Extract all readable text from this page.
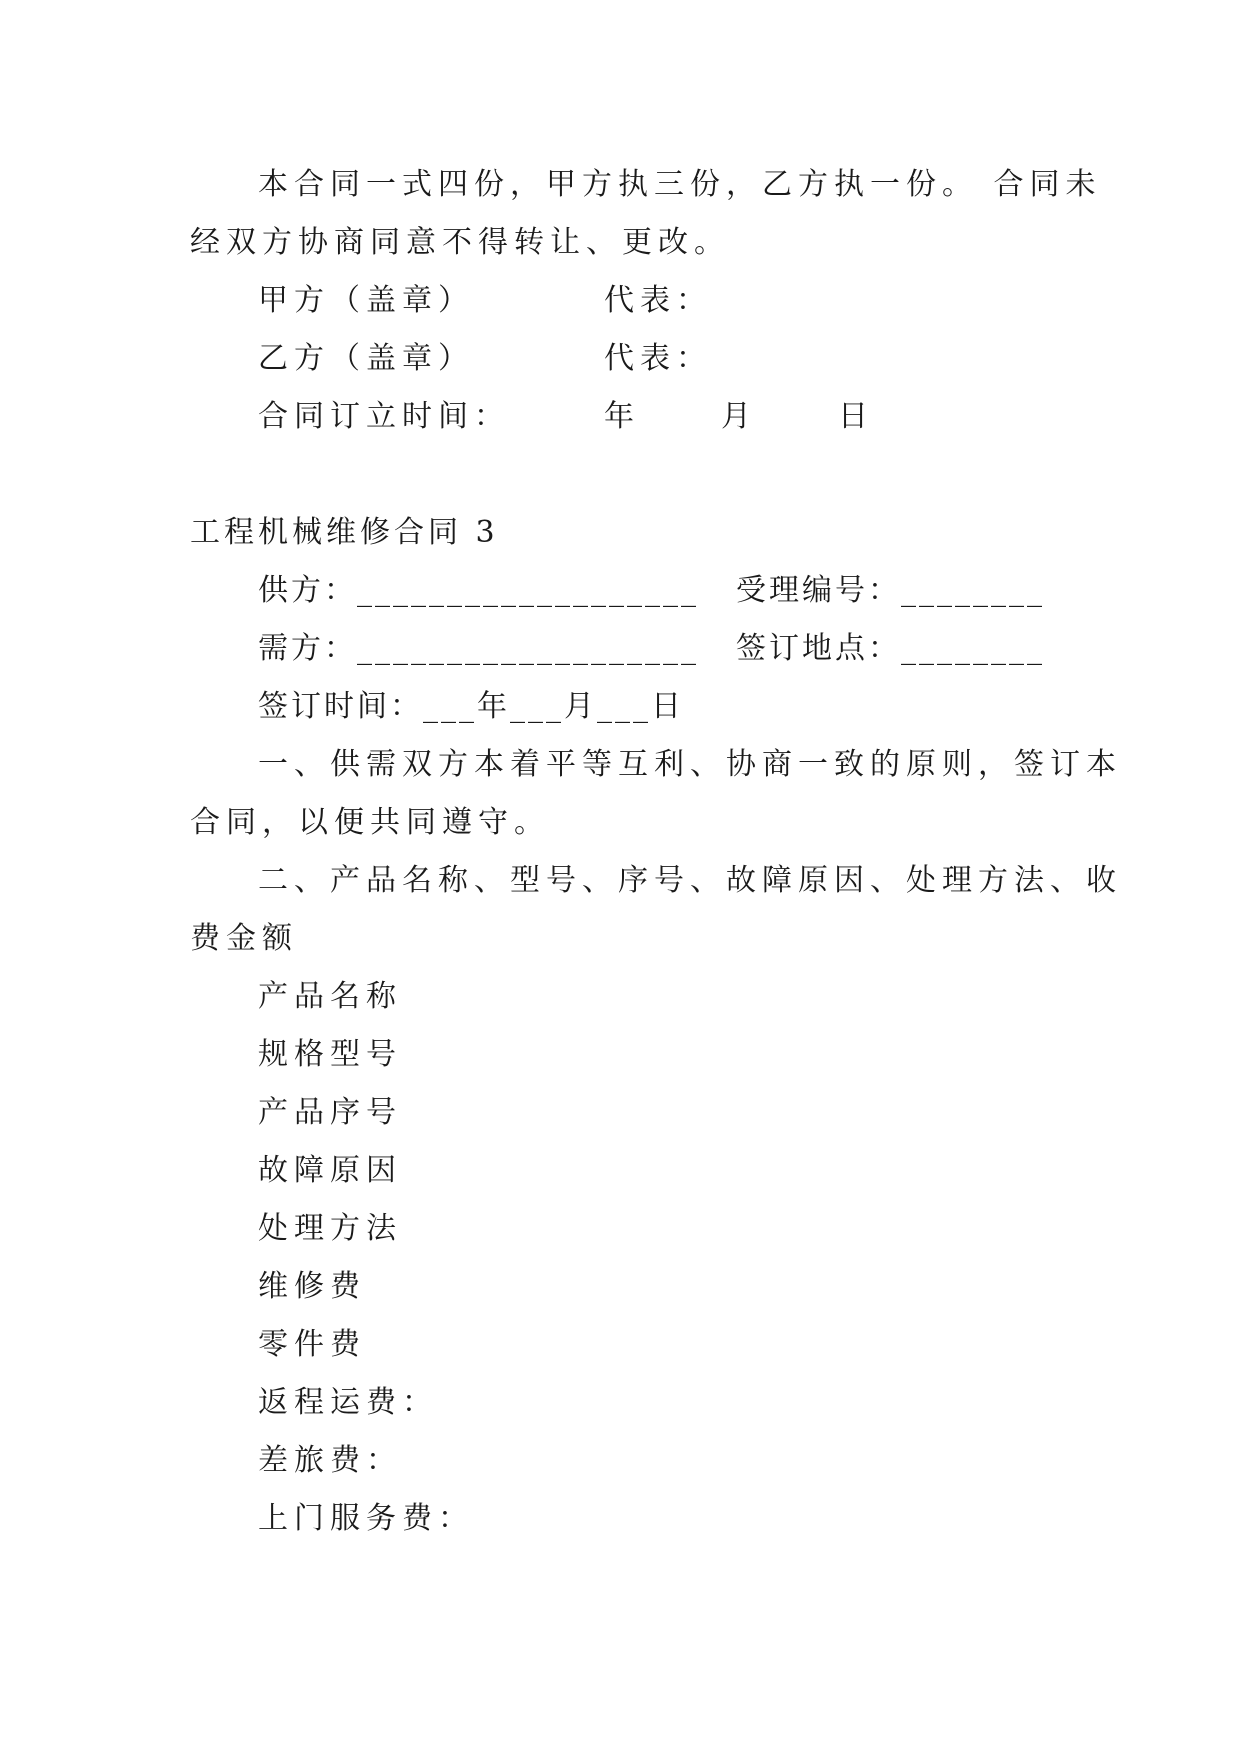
本合同一式四份，甲方执三份，乙方执一份。 合同未
经双方协商同意不得转让、更改。
甲方（盖章）	代表：
乙方（盖章）	代表：
合同订立时间：	年	月	日
工程机械维修合同 3
供方：___________________ 受理编号：________
需方：___________________ 签订地点：________
签订时间：___年___月___日
一、供需双方本着平等互利、协商一致的原则，签订本
合同，以便共同遵守。
二、产品名称、型号、序号、故障原因、处理方法、收
费金额
产品名称
规格型号
产品序号
故障原因
处理方法
维修费
零件费
返程运费：
差旅费：
上门服务费：
